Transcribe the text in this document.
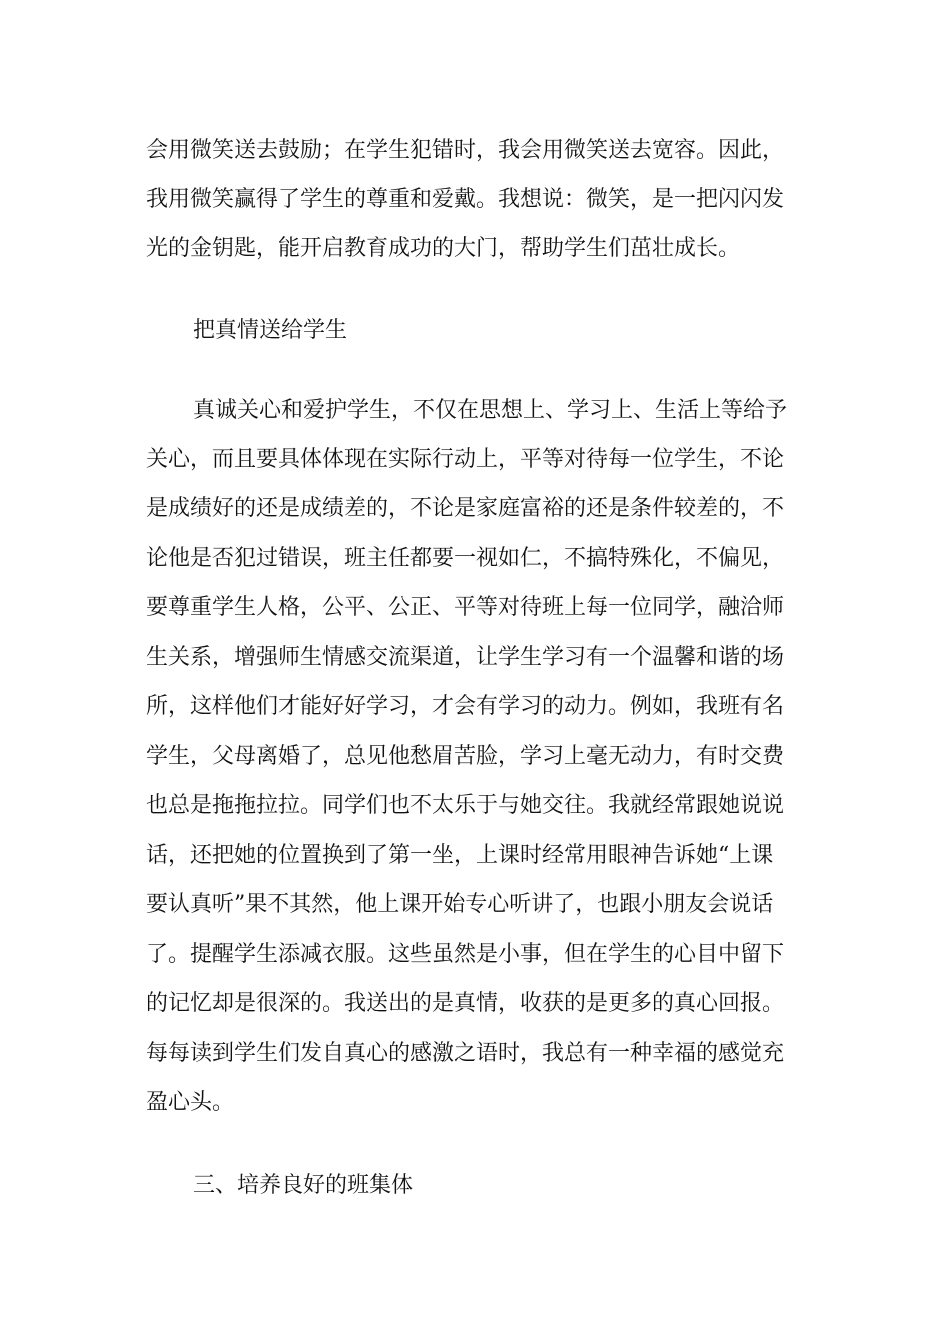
会用微笑送去鼓励；在学生犯错时，我会用微笑送去宽容。因此，
我用微笑赢得了学生的尊重和爱戴。我想说：微笑，是一把闪闪发
光的金钥匙，能开启教育成功的大门，帮助学生们茁壮成长。
把真情送给学生
真诚关心和爱护学生，不仅在思想上、学习上、生活上等给予
关心，而且要具体体现在实际行动上，平等对待每一位学生，不论
是成绩好的还是成绩差的，不论是家庭富裕的还是条件较差的，不
论他是否犯过错误，班主任都要一视如仁，不搞特殊化，不偏见，
要尊重学生人格，公平、公正、平等对待班上每一位同学，融洽师
生关系，增强师生情感交流渠道，让学生学习有一个温馨和谐的场
所，这样他们才能好好学习，才会有学习的动力。例如，我班有名
学生，父母离婚了，总见他愁眉苦脸，学习上毫无动力，有时交费
也总是拖拖拉拉。同学们也不太乐于与她交往。我就经常跟她说说
话，还把她的位置换到了第一坐，上课时经常用眼神告诉她“上课
要认真听”果不其然，他上课开始专心听讲了，也跟小朋友会说话
了。提醒学生添减衣服。这些虽然是小事，但在学生的心目中留下
的记忆却是很深的。我送出的是真情，收获的是更多的真心回报。
每每读到学生们发自真心的感激之语时，我总有一种幸福的感觉充
盈心头。
三、培养良好的班集体
